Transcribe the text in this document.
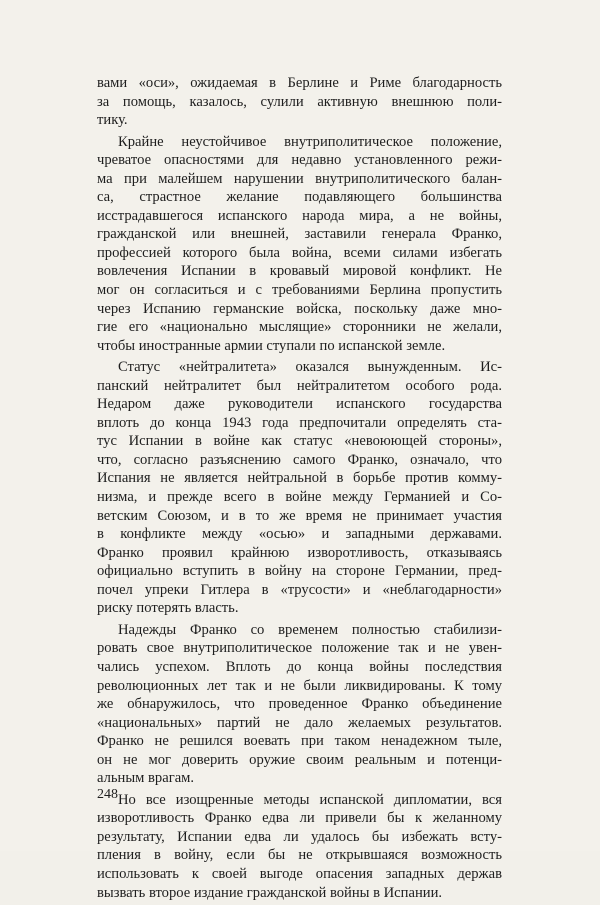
вами «оси», ожидаемая в Берлине и Риме благодарность
за помощь, казалось, сулили активную внешнюю поли-
тику.
Крайне неустойчивое внутриполитическое положение,
чреватое опасностями для недавно установленного режи-
ма при малейшем нарушении внутриполитического балан-
са, страстное желание подавляющего большинства
исстрадавшегося испанского народа мира, а не войны,
гражданской или внешней, заставили генерала Франко,
профессией которого была война, всеми силами избегать
вовлечения Испании в кровавый мировой конфликт. Не
мог он согласиться и с требованиями Берлина пропустить
через Испанию германские войска, поскольку даже мно-
гие его «национально мыслящие» сторонники не желали,
чтобы иностранные армии ступали по испанской земле.
Статус «нейтралитета» оказался вынужденным. Ис-
панский нейтралитет был нейтралитетом особого рода.
Недаром даже руководители испанского государства
вплоть до конца 1943 года предпочитали определять ста-
тус Испании в войне как статус «невоюющей стороны»,
что, согласно разъяснению самого Франко, означало, что
Испания не является нейтральной в борьбе против комму-
низма, и прежде всего в войне между Германией и Со-
ветским Союзом, и в то же время не принимает участия
в конфликте между «осью» и западными державами.
Франко проявил крайнюю изворотливость, отказываясь
официально вступить в войну на стороне Германии, пред-
почел упреки Гитлера в «трусости» и «неблагодарности»
риску потерять власть.
Надежды Франко со временем полностью стабилизи-
ровать свое внутриполитическое положение так и не увен-
чались успехом. Вплоть до конца войны последствия
революционных лет так и не были ликвидированы. К тому
же обнаружилось, что проведенное Франко объединение
«национальных» партий не дало желаемых результатов.
Франко не решился воевать при таком ненадежном тыле,
он не мог доверить оружие своим реальным и потенци-
альным врагам.
Но все изощренные методы испанской дипломатии, вся
изворотливость Франко едва ли привели бы к желанному
результату, Испании едва ли удалось бы избежать всту-
пления в войну, если бы не открывшаяся возможность
использовать к своей выгоде опасения западных держав
вызвать второе издание гражданской войны в Испании.
248
